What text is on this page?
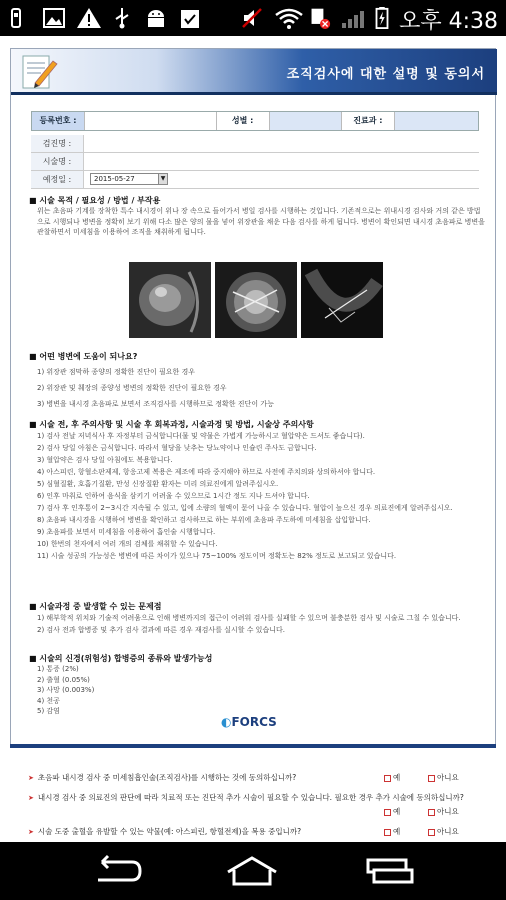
오후 4:38
조직검사에 대한 설명 및 동의서
등록번호 :	성별 :	진료과 :
검진명 :
시술명 :
예정일 :	2015-05-27	▼
■ 시술 목적 / 필요성 / 방법 / 부작용
위는 초음파 기계를 장착한 특수 내시경이 위나 장 속으로 들어가서 병일 검사를 시행하는 것입니다. 기존적으로는 위내시경 검사와 거의 같은 방법으로 시행되나 병변을 정확히 보기 위해 다소 많은 양의 물을 넣어 위장관을 채운 다음 검사를 하게 됩니다. 병변이 확인되면 내시경 초음파로 병변을 관찰하면서 미세침을 이용하여 조직을 채취하게 됩니다.
■ 어떤 병변에 도움이 되나요?
1) 위장관 점막하 종양의 정확한 진단이 필요한 경우
2) 위장관 및 췌장의 종양성 병변의 정확한 진단이 필요한 경우
3) 병변을 내시경 초음파로 보면서 조직검사를 시행하므로 정확한 진단이 가능
■ 시술 전, 후 주의사항 및 시술 후 회복과정, 시술과정 및 방법, 시술상 주의사항
1) 검사 전날 저녁식사 후 자정부터 금식합니다(물 및 약물은 가볍게 가능하시고 혈압약은 드셔도 좋습니다).
2) 검사 당일 아침은 금식합니다. 따라서 혈당을 낮추는 당뇨약이나 인슐린 주사도 금합니다.
3) 혈압약은 검사 당일 아침에도 복용합니다.
4) 아스피린, 항혈소판제제, 항응고제 복용은 제조에 따라 중지해야 하므로 사전에 주치의와 상의하셔야 합니다.
5) 심혈질환, 호흡기질환, 만성 신장질환 환자는 미리 의료진에게 알려주십시오.
6) 인후 마취로 인하여 음식을 삼키기 어려울 수 있으므로 1시간 정도 지나 드셔야 합니다.
7) 검사 후 인후통이 2~3시간 지속될 수 있고, 입에 소량의 혈액이 묻어 나올 수 있습니다. 혈압이 높으신 경우 의료진에게 알려주십시오.
8) 초음파 내시경을 시행하여 병변을 확인하고 검사하므로 하는 부위에 초음파 주도하에 미세침을 삽입합니다.
9) 초음파를 보면서 미세침을 이용하여 흡인술 시행합니다.
10) 한번의 천자에서 여러 개의 검체를 채취할 수 있습니다.
11) 시술 성공의 가능성은 병변에 따른 차이가 있으나 75~100% 정도이며 정확도는 82% 정도로 보고되고 있습니다.
■ 시술과정 중 발생할 수 있는 문제점
1) 해부학적 위치와 기술적 어려움으로 인해 병변까지의 접근이 어려워 검사를 실패할 수 있으며 불충분한 검사 및 시술로 그칠 수 있습니다.
2) 검사 전과 합병증 및 추가 검사 결과에 따른 경우 재검사를 실시할 수 있습니다.
■ 시술의 신경(위험성) 합병증의 종류와 발생가능성
1) 통증 (2%)
2) 출혈 (0.05%)
3) 사망 (0.003%)
4) 천공
5) 감염
◐FORCS
➤ 초음파 내시경 검사 중 미세침흡인술(조직검사)를 시행하는 것에 동의하십니까?	예	아니요
➤ 내시경 검사 중 의료진의 판단에 따라 치료적 또는 진단적 추가 시술이 필요할 수 있습니다. 필요한 경우 추가 시술에 동의하십니까?
예	아니요
➤ 시술 도중 출혈을 유발할 수 있는 약물(예: 아스피린, 항혈전제)을 복용 중입니까?	예	아니요
